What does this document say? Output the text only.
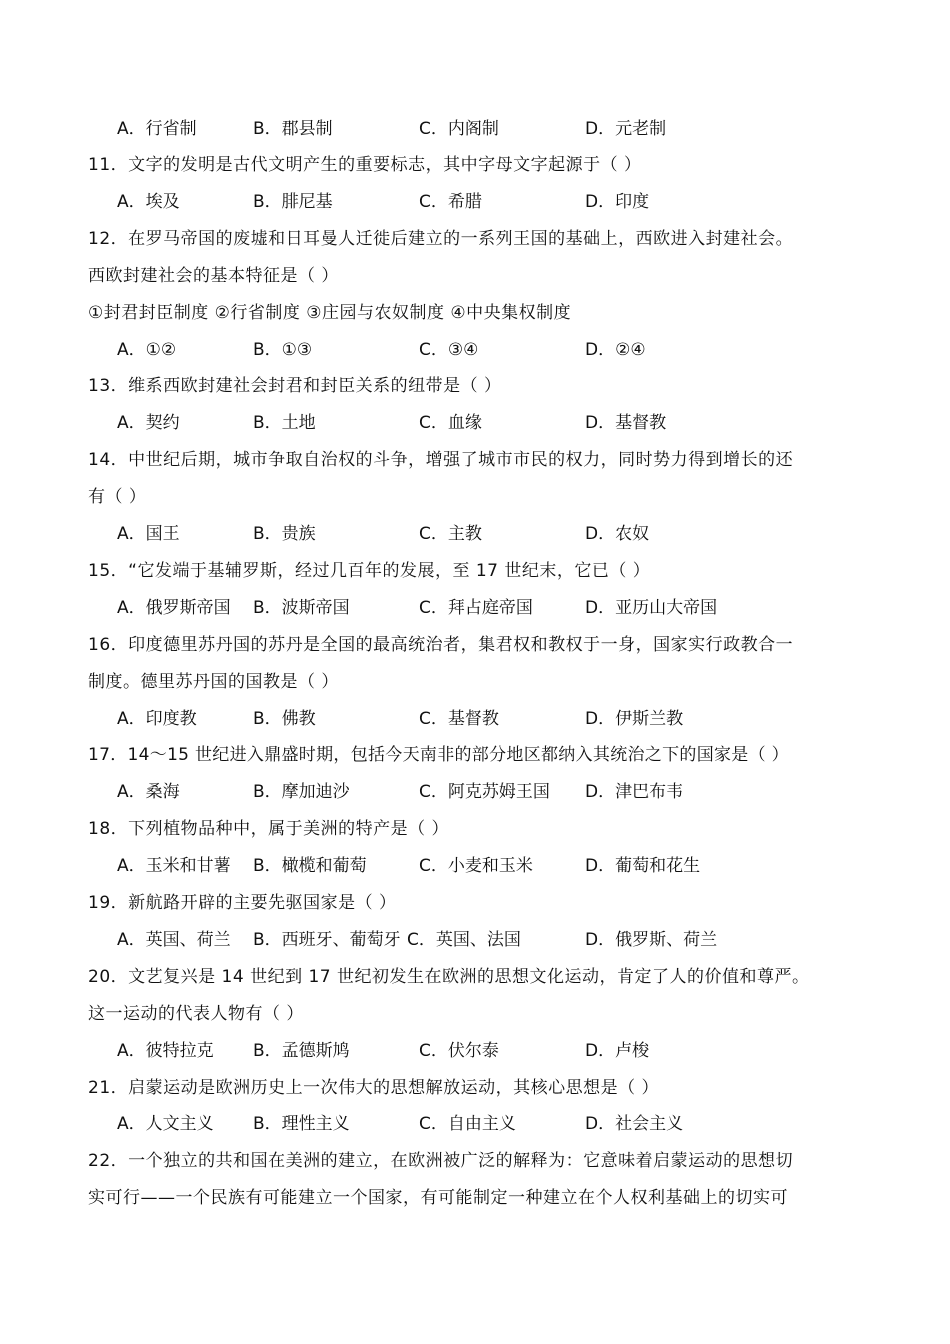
A．行省制	B．郡县制	C．内阁制	D．元老制
11．文字的发明是古代文明产生的重要标志，其中字母文字起源于（ ）
A．埃及	B．腓尼基	C．希腊	D．印度
12．在罗马帝国的废墟和日耳曼人迁徙后建立的一系列王国的基础上，西欧进入封建社会。
西欧封建社会的基本特征是（ ）
①封君封臣制度 ②行省制度 ③庄园与农奴制度 ④中央集权制度
A．①②	B．①③	C．③④	D．②④
13．维系西欧封建社会封君和封臣关系的纽带是（ ）
A．契约	B．土地	C．血缘	D．基督教
14．中世纪后期，城市争取自治权的斗争，增强了城市市民的权力，同时势力得到增长的还
有（ ）
A．国王	B．贵族	C．主教	D．农奴
15．“它发端于基辅罗斯，经过几百年的发展，至 17 世纪末，它已（ ）
A．俄罗斯帝国 B．波斯帝国	C．拜占庭帝国	D．亚历山大帝国
16．印度德里苏丹国的苏丹是全国的最高统治者，集君权和教权于一身，国家实行政教合一
制度。德里苏丹国的国教是（ ）
A．印度教	B．佛教	C．基督教	D．伊斯兰教
17．14～15 世纪进入鼎盛时期，包括今天南非的部分地区都纳入其统治之下的国家是（ ）
A．桑海	B．摩加迪沙	C．阿克苏姆王国 D．津巴布韦
18．下列植物品种中，属于美洲的特产是（ ）
A．玉米和甘薯 B．橄榄和葡萄	C．小麦和玉米	D．葡萄和花生
19．新航路开辟的主要先驱国家是（ ）
A．英国、荷兰 B．西班牙、葡萄牙 C．英国、法国	D．俄罗斯、荷兰
20．文艺复兴是 14 世纪到 17 世纪初发生在欧洲的思想文化运动，肯定了人的价值和尊严。
这一运动的代表人物有（ ）
A．彼特拉克 B．孟德斯鸠	C．伏尔泰	D．卢梭
21．启蒙运动是欧洲历史上一次伟大的思想解放运动，其核心思想是（ ）
A．人文主义 B．理性主义	C．自由主义	D．社会主义
22．一个独立的共和国在美洲的建立，在欧洲被广泛的解释为：它意味着启蒙运动的思想切
实可行——一个民族有可能建立一个国家，有可能制定一种建立在个人权利基础上的切实可
